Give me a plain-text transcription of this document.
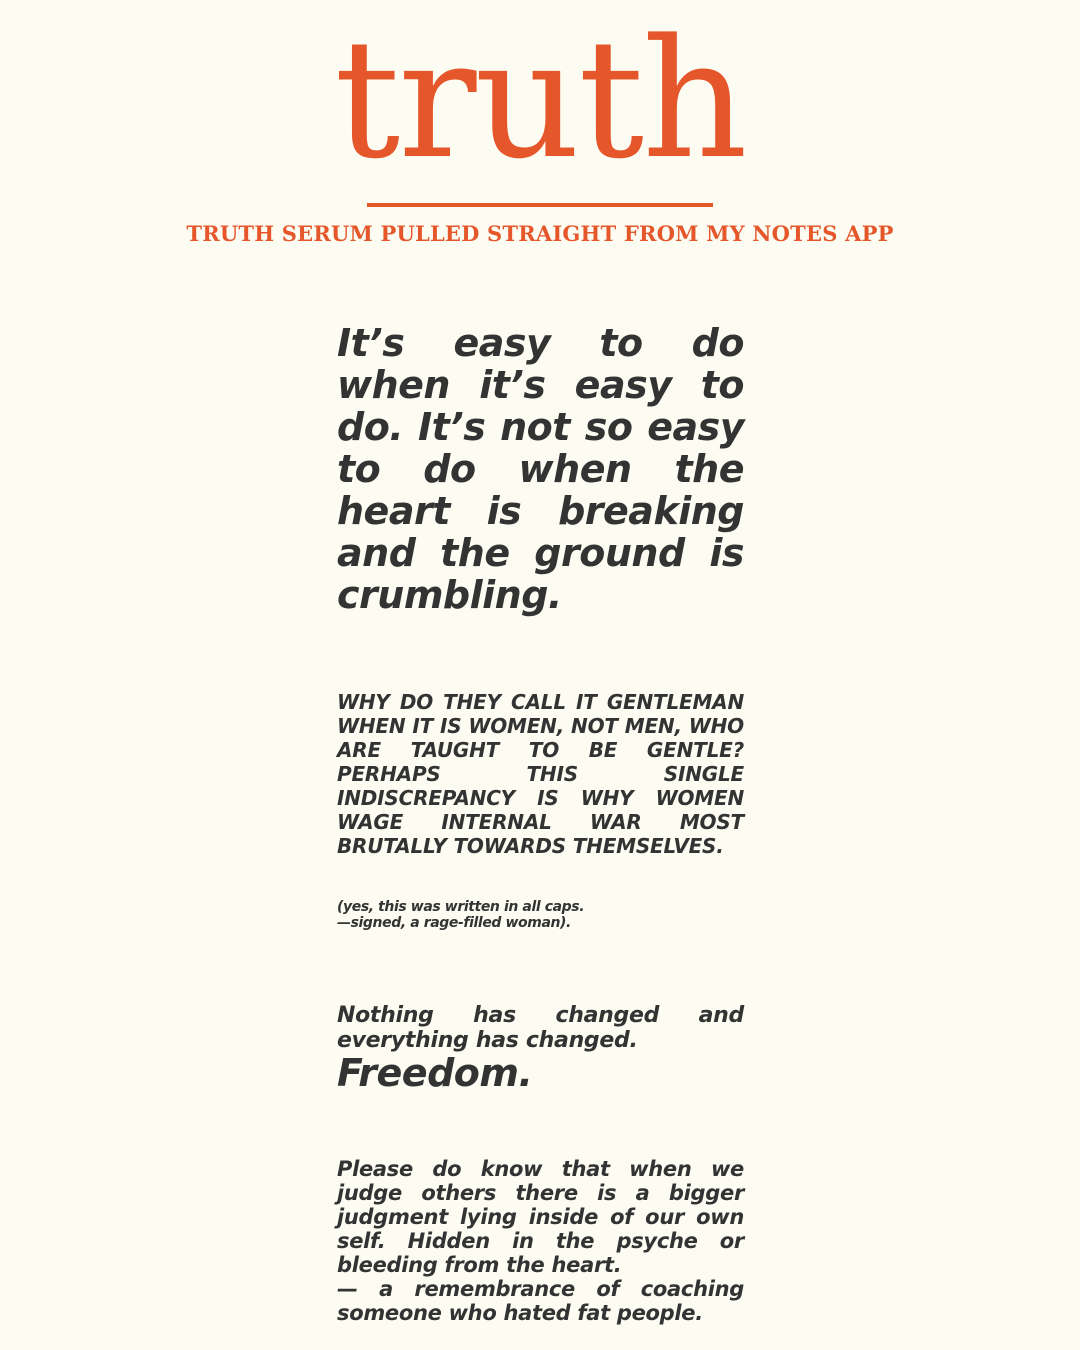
truth
TRUTH SERUM PULLED STRAIGHT FROM MY NOTES APP

It’s easy to do when it’s easy to do. It’s not so easy to do when the heart is breaking and the ground is crumbling.

WHY DO THEY CALL IT GENTLEMAN WHEN IT IS WOMEN, NOT MEN, WHO ARE TAUGHT TO BE GENTLE? PERHAPS THIS SINGLE INDISCREPANCY IS WHY WOMEN WAGE INTERNAL WAR MOST BRUTALLY TOWARDS THEMSELVES.

(yes, this was written in all caps.
—signed, a rage-filled woman).

Nothing has changed and everything has changed.

Freedom.

Please do know that when we judge others there is a bigger judgment lying inside of our own self. Hidden in the psyche or bleeding from the heart.
— a remembrance of coaching someone who hated fat people.
